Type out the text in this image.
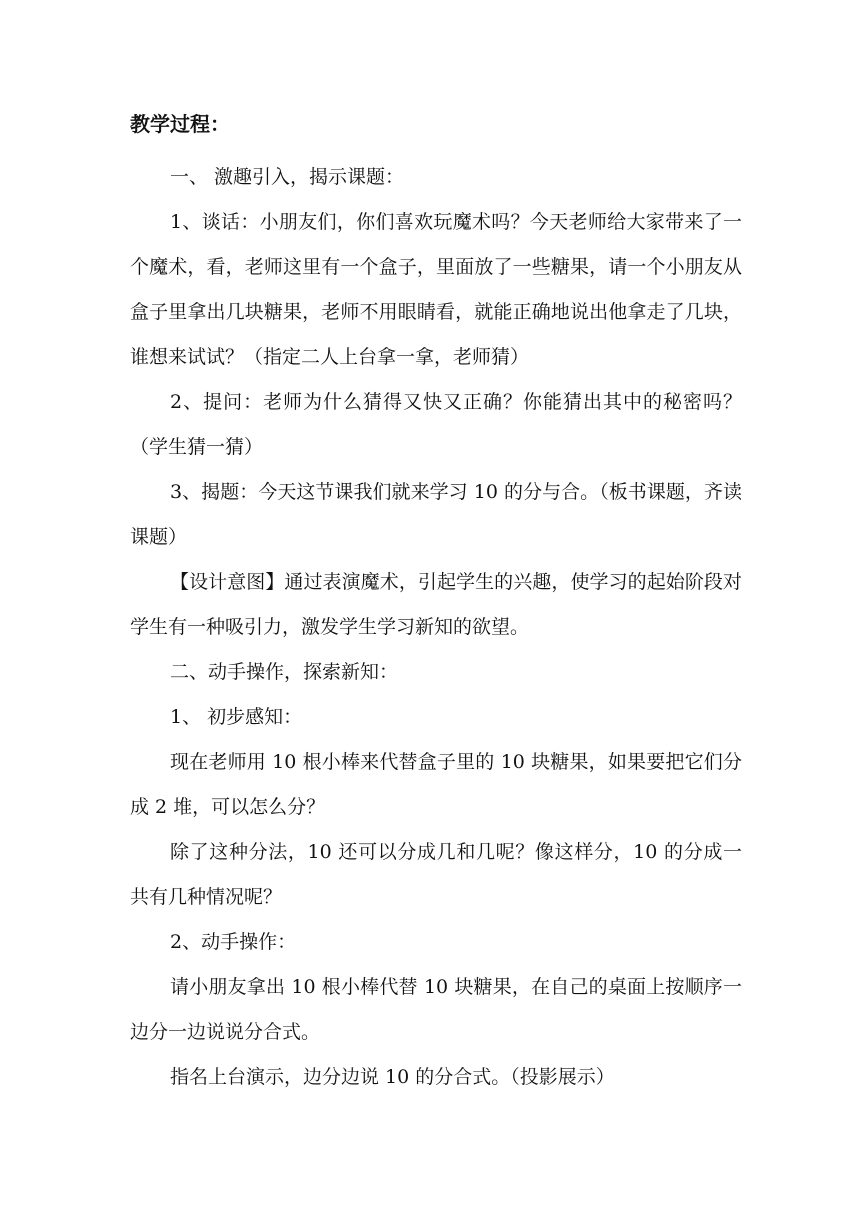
教学过程：

一、 激趣引入，揭示课题：

1、谈话：小朋友们，你们喜欢玩魔术吗？今天老师给大家带来了一个魔术，看，老师这里有一个盒子，里面放了一些糖果，请一个小朋友从盒子里拿出几块糖果，老师不用眼睛看，就能正确地说出他拿走了几块，谁想来试试？（指定二人上台拿一拿，老师猜）

2、提问：老师为什么猜得又快又正确？你能猜出其中的秘密吗？（学生猜一猜）

3、揭题：今天这节课我们就来学习 10 的分与合。（板书课题，齐读课题）

【设计意图】通过表演魔术，引起学生的兴趣，使学习的起始阶段对学生有一种吸引力，激发学生学习新知的欲望。

二、动手操作，探索新知：

1、 初步感知：

现在老师用 10 根小棒来代替盒子里的 10 块糖果，如果要把它们分成 2 堆，可以怎么分？

除了这种分法，10 还可以分成几和几呢？像这样分，10 的分成一共有几种情况呢？

2、动手操作：

请小朋友拿出 10 根小棒代替 10 块糖果，在自己的桌面上按顺序一边分一边说说分合式。

指名上台演示，边分边说 10 的分合式。（投影展示）
